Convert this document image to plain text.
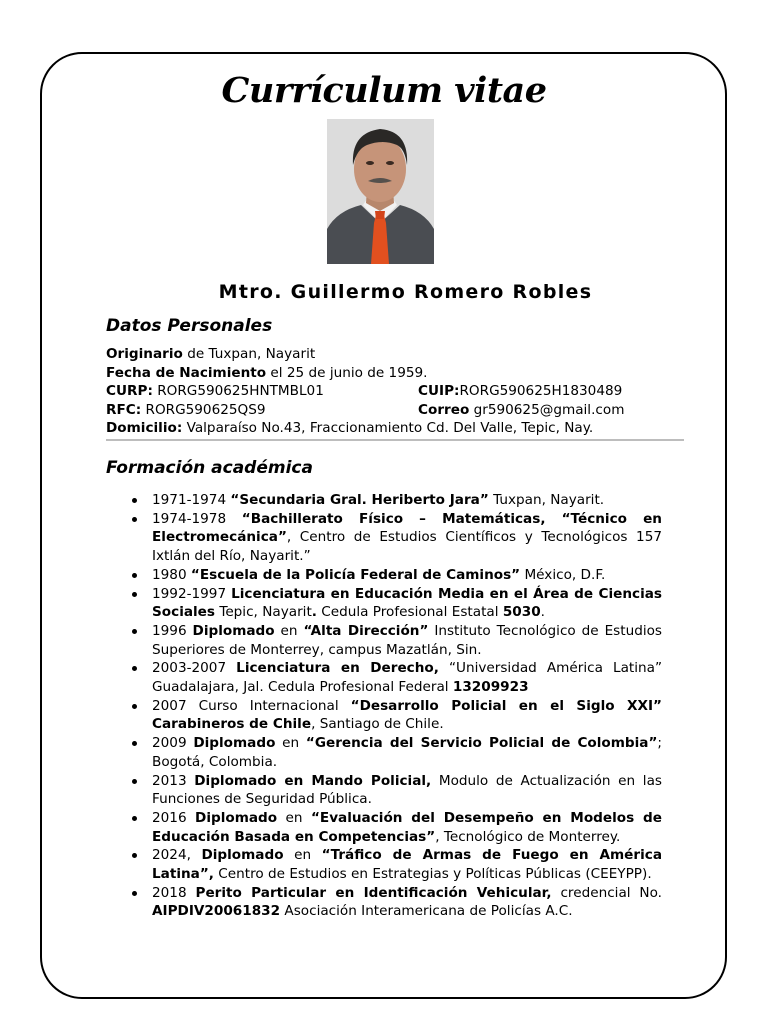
Currículum vitae
Mtro. Guillermo Romero Robles
Datos Personales
Originario de Tuxpan, Nayarit
Fecha de Nacimiento el 25 de junio de 1959.
CURP: RORG590625HNTMBL01	CUIP:RORG590625H1830489
RFC: RORG590625QS9	Correo gr590625@gmail.com
Domicilio: Valparaíso No.43, Fraccionamiento Cd. Del Valle, Tepic, Nay.
Formación académica
1971-1974 “Secundaria Gral. Heriberto Jara” Tuxpan, Nayarit.
1974-1978 “Bachillerato Físico – Matemáticas, “Técnico en Electromecánica”, Centro de Estudios Científicos y Tecnológicos 157 Ixtlán del Río, Nayarit.”
1980 “Escuela de la Policía Federal de Caminos” México, D.F.
1992-1997 Licenciatura en Educación Media en el Área de Ciencias Sociales Tepic, Nayarit. Cedula Profesional Estatal 5030.
1996 Diplomado en “Alta Dirección” Instituto Tecnológico de Estudios Superiores de Monterrey, campus Mazatlán, Sin.
2003-2007 Licenciatura en Derecho, “Universidad América Latina” Guadalajara, Jal. Cedula Profesional Federal 13209923
2007 Curso Internacional “Desarrollo Policial en el Siglo XXI” Carabineros de Chile, Santiago de Chile.
2009 Diplomado en “Gerencia del Servicio Policial de Colombia”; Bogotá, Colombia.
2013 Diplomado en Mando Policial, Modulo de Actualización en las Funciones de Seguridad Pública.
2016 Diplomado en “Evaluación del Desempeño en Modelos de Educación Basada en Competencias”, Tecnológico de Monterrey.
2024, Diplomado en “Tráfico de Armas de Fuego en América Latina”, Centro de Estudios en Estrategias y Políticas Públicas (CEEYPP).
2018 Perito Particular en Identificación Vehicular, credencial No. AIPDIV20061832 Asociación Interamericana de Policías A.C.
